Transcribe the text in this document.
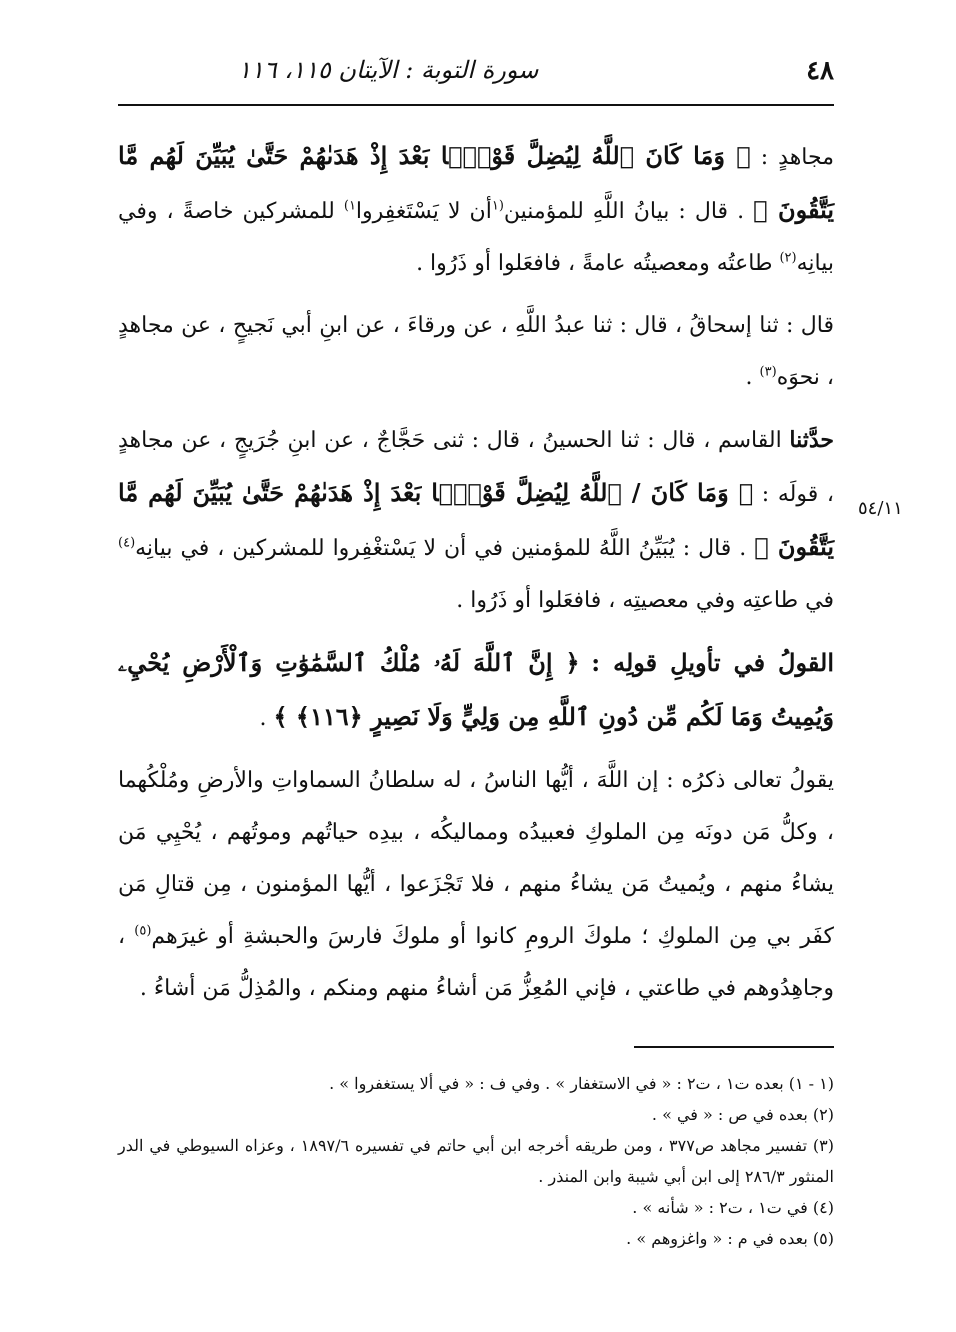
٤٨
سورة التوبة : الآيتان ١١٥، ١١٦
٥٤/١١

مجاهدٍ : ﴿ وَمَا كَانَ ٱللَّهُ لِيُضِلَّ قَوْمًۢا بَعْدَ إِذْ هَدَىٰهُمْ حَتَّىٰ يُبَيِّنَ لَهُم مَّا يَتَّقُونَ ﴾ . قال : بيانُ اللَّهِ للمؤمنين$^{(١}$أن لا يَسْتَغفِروا$^{١)}$ للمشركين خاصةً ، وفي بيانِه$^{(٢)}$ طاعتُه ومعصيتُه عامةً ، فافعَلوا أو ذَرُوا .

قال : ثنا إسحاقُ ، قال : ثنا عبدُ اللَّهِ ، عن ورقاءَ ، عن ابنِ أبي نَجيحٍ ، عن مجاهدٍ ، نحوَه$^{(٣)}$ .

حدَّثنا القاسم ، قال : ثنا الحسينُ ، قال : ثنى حَجَّاجٌ ، عن ابنِ جُرَيجٍ ، عن مجاهدٍ ، قولَه : ﴿ وَمَا كَانَ / ٱللَّهُ لِيُضِلَّ قَوْمًۢا بَعْدَ إِذْ هَدَىٰهُمْ حَتَّىٰ يُبَيِّنَ لَهُم مَّا يَتَّقُونَ ﴾ . قال : يُبَيِّنُ اللَّهُ للمؤمنين في أن لا يَسْتغْفِروا للمشركين ، في بيانِه$^{(٤)}$ في طاعتِه وفي معصيتِه ، فافعَلوا أو ذَرُوا .

القولُ في تأويلِ قولِه : ﴿ إِنَّ ٱللَّهَ لَهُۥ مُلْكُ ٱلسَّمَٰوَٰتِ وَٱلْأَرْضِ يُحْيِۦ وَيُمِيتُ وَمَا لَكُم مِّن دُونِ ٱللَّهِ مِن وَلِيٍّ وَلَا نَصِيرٍ ﴿١١٦﴾ ﴾ .

يقولُ تعالى ذكرُه : إن اللَّهَ ، أيُّها الناسُ ، له سلطانُ السماواتِ والأرضِ ومُلْكُهما ، وكلُّ مَن دونَه مِن الملوكِ فعبيدُه ومماليكُه ، بيدِه حياتُهم وموتُهم ، يُحْيِي مَن يشاءُ منهم ، ويُميتُ مَن يشاءُ منهم ، فلا تَجْزَعوا ، أيُّها المؤمنون ، مِن قتالِ مَن كفَر بي مِن الملوكِ ؛ ملوكَ الرومِ كانوا أو ملوكَ فارسَ والحبشةِ أو غيرَهم$^{(٥)}$ ، وجاهِدُوهم في طاعتي ، فإني المُعِزُّ مَن أشاءُ منهم ومنكم ، والمُذِلُّ مَن أشاءُ .

(١ - ١) بعده ت١ ، ت٢ : « في الاستغفار » . وفي ف : « في ألا يستغفروا » .

(٢) بعده في ص : « في » .

(٣) تفسير مجاهد ص٣٧٧ ، ومن طريقه أخرجه ابن أبي حاتم في تفسيره ١٨٩٧/٦ ، وعزاه السيوطي في الدر المنثور ٢٨٦/٣ إلى ابن أبي شيبة وابن المنذر .

(٤) في ت١ ، ت٢ : « شأنه » .

(٥) بعده في م : « واغزوهم » .
